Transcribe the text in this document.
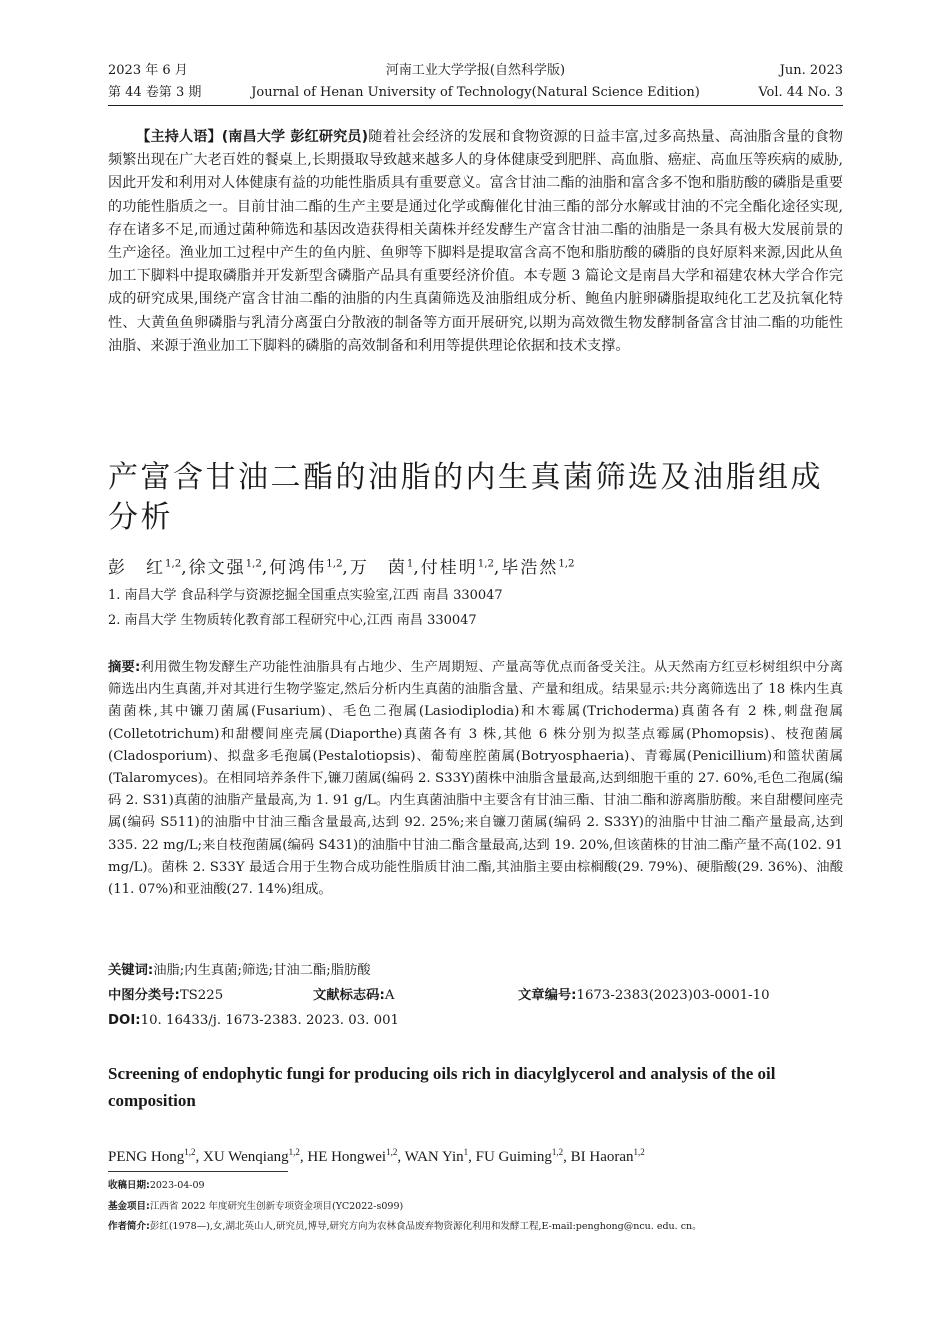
2023 年 6 月	河南工业大学学报(自然科学版)	Jun. 2023
第 44 卷第 3 期	Journal of Henan University of Technology(Natural Science Edition)	Vol. 44 No. 3

【主持人语】(南昌大学 彭红研究员)随着社会经济的发展和食物资源的日益丰富,过多高热量、高油脂含量的食物频繁出现在广大老百姓的餐桌上,长期摄取导致越来越多人的身体健康受到肥胖、高血脂、癌症、高血压等疾病的威胁,因此开发和利用对人体健康有益的功能性脂质具有重要意义。富含甘油二酯的油脂和富含多不饱和脂肪酸的磷脂是重要的功能性脂质之一。目前甘油二酯的生产主要是通过化学或酶催化甘油三酯的部分水解或甘油的不完全酯化途径实现,存在诸多不足,而通过菌种筛选和基因改造获得相关菌株并经发酵生产富含甘油二酯的油脂是一条具有极大发展前景的生产途径。渔业加工过程中产生的鱼内脏、鱼卵等下脚料是提取富含高不饱和脂肪酸的磷脂的良好原料来源,因此从鱼加工下脚料中提取磷脂并开发新型含磷脂产品具有重要经济价值。本专题 3 篇论文是南昌大学和福建农林大学合作完成的研究成果,围绕产富含甘油二酯的油脂的内生真菌筛选及油脂组成分析、鲍鱼内脏卵磷脂提取纯化工艺及抗氧化特性、大黄鱼鱼卵磷脂与乳清分离蛋白分散液的制备等方面开展研究,以期为高效微生物发酵制备富含甘油二酯的功能性油脂、来源于渔业加工下脚料的磷脂的高效制备和利用等提供理论依据和技术支撑。

产富含甘油二酯的油脂的内生真菌筛选及油脂组成分析
彭　红$^{1,2}$,徐文强$^{1,2}$,何鸿伟$^{1,2}$,万　茵$^1$,付桂明$^{1,2}$,毕浩然$^{1,2}$
1. 南昌大学 食品科学与资源挖掘全国重点实验室,江西 南昌 330047
2. 南昌大学 生物质转化教育部工程研究中心,江西 南昌 330047

摘要:利用微生物发酵生产功能性油脂具有占地少、生产周期短、产量高等优点而备受关注。从天然南方红豆杉树组织中分离筛选出内生真菌,并对其进行生物学鉴定,然后分析内生真菌的油脂含量、产量和组成。结果显示:共分离筛选出了 18 株内生真菌菌株,其中镰刀菌属(Fusarium)、毛色二孢属(Lasiodiplodia)和木霉属(Trichoderma)真菌各有 2 株,刺盘孢属(Colletotrichum)和甜樱间座壳属(Diaporthe)真菌各有 3 株,其他 6 株分别为拟茎点霉属(Phomopsis)、枝孢菌属(Cladosporium)、拟盘多毛孢属(Pestalotiopsis)、葡萄座腔菌属(Botryosphaeria)、青霉属(Penicillium)和篮状菌属(Talaromyces)。在相同培养条件下,镰刀菌属(编码 2. S33Y)菌株中油脂含量最高,达到细胞干重的 27. 60%,毛色二孢属(编码 2. S31)真菌的油脂产量最高,为 1. 91 g/L。内生真菌油脂中主要含有甘油三酯、甘油二酯和游离脂肪酸。来自甜樱间座壳属(编码 S511)的油脂中甘油三酯含量最高,达到 92. 25%;来自镰刀菌属(编码 2. S33Y)的油脂中甘油二酯产量最高,达到 335. 22 mg/L;来自枝孢菌属(编码 S431)的油脂中甘油二酯含量最高,达到 19. 20%,但该菌株的甘油二酯产量不高(102. 91 mg/L)。菌株 2. S33Y 最适合用于生物合成功能性脂质甘油二酯,其油脂主要由棕榈酸(29. 79%)、硬脂酸(29. 36%)、油酸(11. 07%)和亚油酸(27. 14%)组成。

关键词:油脂;内生真菌;筛选;甘油二酯;脂肪酸
中图分类号: TS225	文献标志码: A	文章编号: 1673-2383(2023)03-0001-10
DOI:10. 16433/j. 1673-2383. 2023. 03. 001

Screening of endophytic fungi for producing oils rich in diacylglycerol and analysis of the oil composition

PENG Hong$^{1,2}$, XU Wenqiang$^{1,2}$, HE Hongwei$^{1,2}$, WAN Yin$^1$, FU Guiming$^{1,2}$, BI Haoran$^{1,2}$
收稿日期:2023-04-09
基金项目:江西省 2022 年度研究生创新专项资金项目(YC2022-s099)
作者简介:彭红(1978—),女,湖北英山人,研究员,博导,研究方向为农林食品废弃物资源化利用和发酵工程,E-mail:penghong@ncu. edu. cn。
